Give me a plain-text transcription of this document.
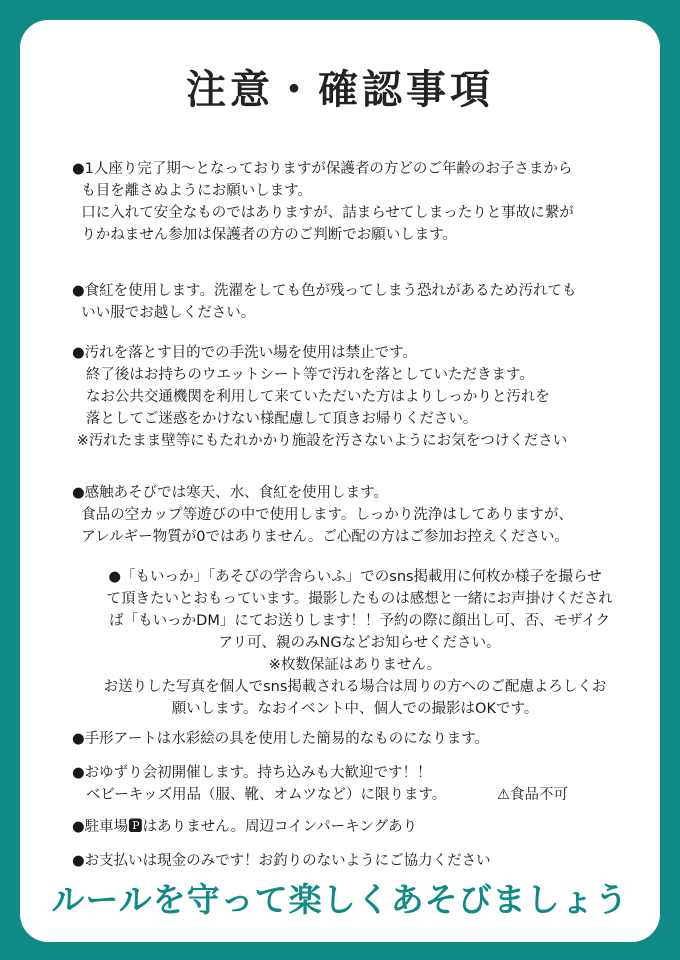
注意・確認事項
●1人座り完了期〜となっておりますが保護者の方どのご年齢のお子さまから
も目を離さぬようにお願いします。
口に入れて安全なものではありますが、詰まらせてしまったりと事故に繋が
りかねません参加は保護者の方のご判断でお願いします。
●食紅を使用します。洗濯をしても色が残ってしまう恐れがあるため汚れても
いい服でお越しください。
●汚れを落とす目的での手洗い場を使用は禁止です。
終了後はお持ちのウエットシート等で汚れを落としていただきます。
なお公共交通機関を利用して来ていただいた方はよりしっかりと汚れを
落としてご迷惑をかけない様配慮して頂きお帰りください。
※汚れたまま壁等にもたれかかり施設を汚さないようにお気をつけください
●感触あそびでは寒天、水、食紅を使用します。
食品の空カップ等遊びの中で使用します。しっかり洗浄はしてありますが、
アレルギー物質が0ではありません。ご心配の方はご参加お控えください。
●「もいっか」「あそびの学舎らいふ」でのsns掲載用に何枚か様子を撮らせ
て頂きたいとおもっています。撮影したものは感想と一緒にお声掛けくだされ
ば「もいっかDM」にてお送りします！！予約の際に顔出し可、否、モザイク
アリ可、親のみNGなどお知らせください。
※枚数保証はありません。
お送りした写真を個人でsns掲載される場合は周りの方へのご配慮よろしくお
願いします。なおイベント中、個人での撮影はOKです。
●手形アートは水彩絵の具を使用した簡易的なものになります。
●おゆずり会初開催します。持ち込みも大歓迎です！！
ベビーキッズ用品（服、靴、オムツなど）に限ります。           ⚠食品不可
●駐車場🅿はありません。周辺コインパーキングあり
●お支払いは現金のみです！お釣りのないようにご協力ください
ルールを守って楽しくあそびましょう
